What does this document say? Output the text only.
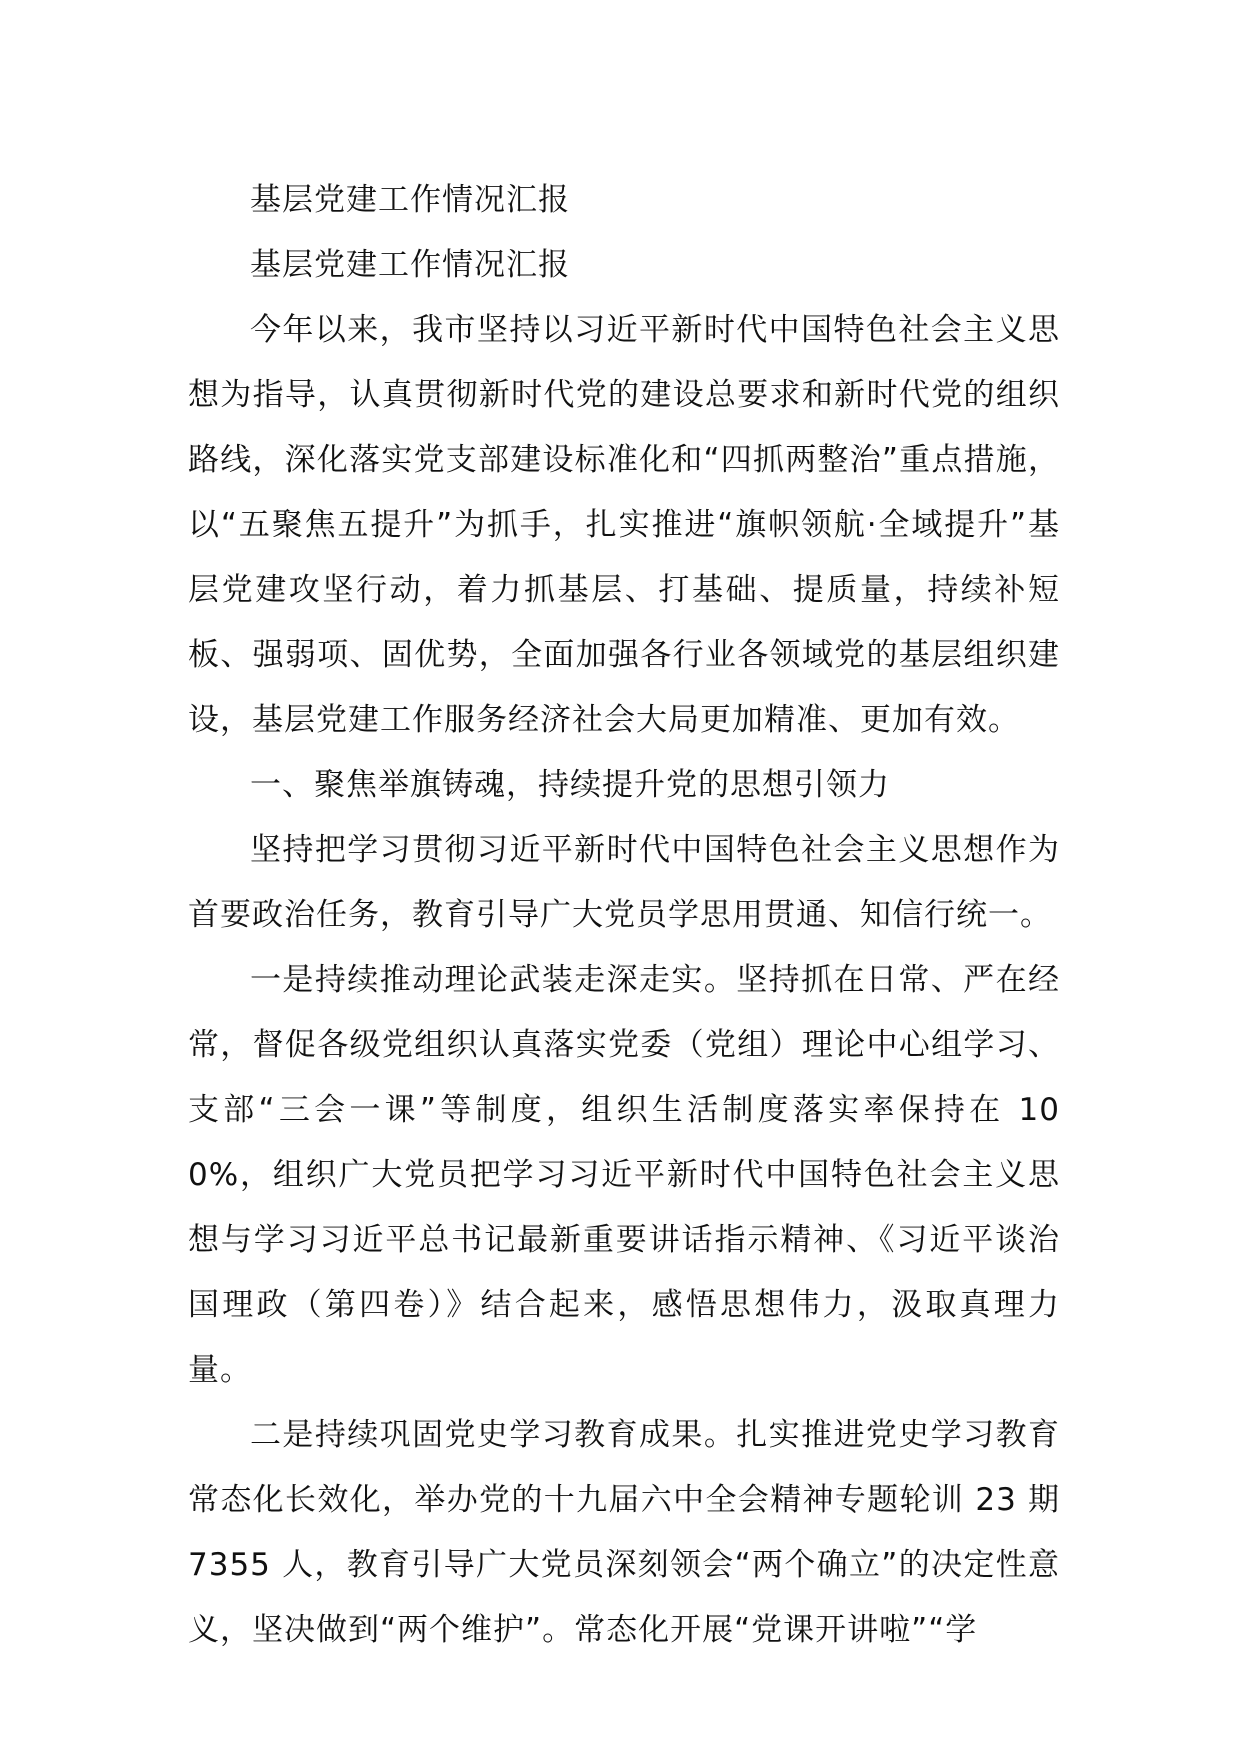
基层党建工作情况汇报

基层党建工作情况汇报

今年以来，我市坚持以习近平新时代中国特色社会主义思想为指导，认真贯彻新时代党的建设总要求和新时代党的组织路线，深化落实党支部建设标准化和“四抓两整治”重点措施，以“五聚焦五提升”为抓手，扎实推进“旗帜领航·全域提升”基层党建攻坚行动，着力抓基层、打基础、提质量，持续补短板、强弱项、固优势，全面加强各行业各领域党的基层组织建设，基层党建工作服务经济社会大局更加精准、更加有效。

一、聚焦举旗铸魂，持续提升党的思想引领力

坚持把学习贯彻习近平新时代中国特色社会主义思想作为首要政治任务，教育引导广大党员学思用贯通、知信行统一。

一是持续推动理论武装走深走实。坚持抓在日常、严在经常，督促各级党组织认真落实党委（党组）理论中心组学习、支部“三会一课”等制度，组织生活制度落实率保持在 100%，组织广大党员把学习习近平新时代中国特色社会主义思想与学习习近平总书记最新重要讲话指示精神、《习近平谈治国理政（第四卷）》结合起来，感悟思想伟力，汲取真理力量。

二是持续巩固党史学习教育成果。扎实推进党史学习教育常态化长效化，举办党的十九届六中全会精神专题轮训 23 期 7355 人，教育引导广大党员深刻领会“两个确立”的决定性意义，坚决做到“两个维护”。常态化开展“党课开讲啦”“学
